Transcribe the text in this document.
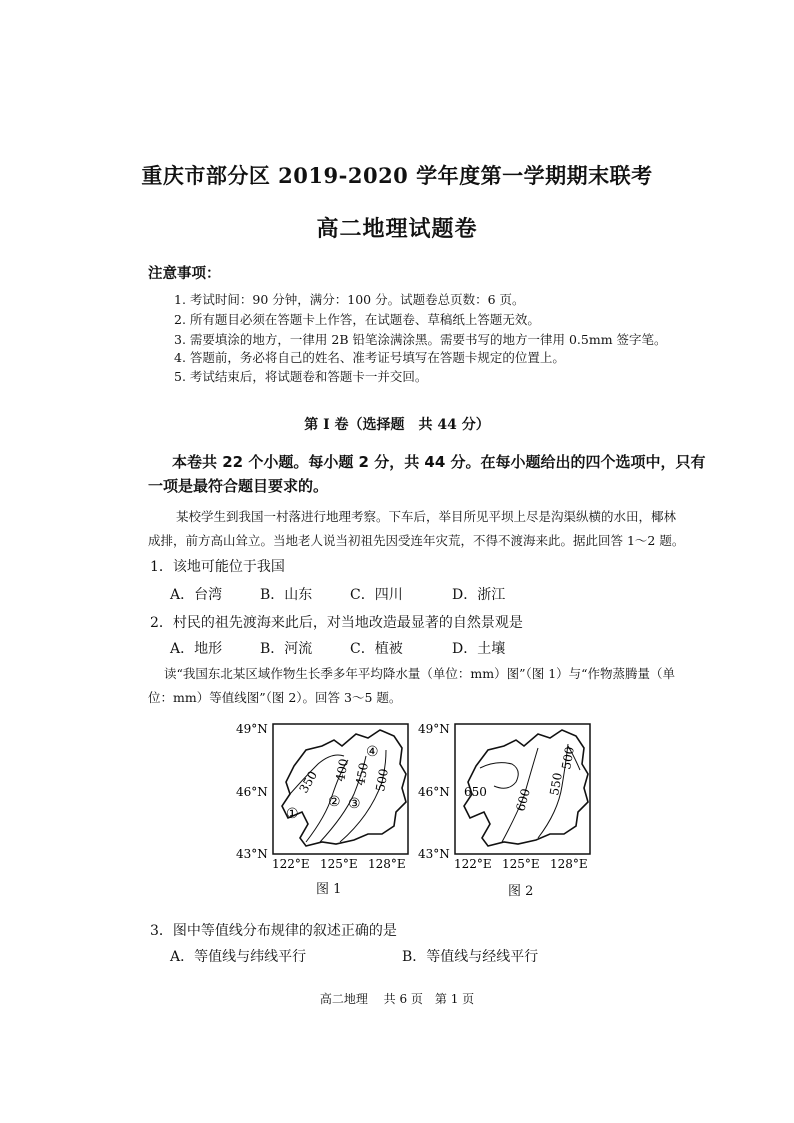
重庆市部分区 2019-2020 学年度第一学期期末联考
高二地理试题卷
注意事项：
1. 考试时间：90 分钟，满分：100 分。试题卷总页数：6 页。
2. 所有题目必须在答题卡上作答，在试题卷、草稿纸上答题无效。
3. 需要填涂的地方，一律用 2B 铅笔涂满涂黑。需要书写的地方一律用 0.5mm 签字笔。
4. 答题前，务必将自己的姓名、准考证号填写在答题卡规定的位置上。
5. 考试结束后，将试题卷和答题卡一并交回。
第 I 卷（选择题　共 44 分）
本卷共 22 个小题。每小题 2 分，共 44 分。在每小题给出的四个选项中，只有
一项是最符合题目要求的。
某校学生到我国一村落进行地理考察。下车后，举目所见平坝上尽是沟渠纵横的水田，椰林
成排，前方高山耸立。当地老人说当初祖先因受连年灾荒，不得不渡海来此。据此回答 1～2 题。
1．该地可能位于我国
A．台湾	B．山东	C．四川	D．浙江
2．村民的祖先渡海来此后，对当地改造最显著的自然景观是
A．地形	B．河流	C．植被	D．土壤
读“我国东北某区域作物生长季多年平均降水量（单位：mm）图”（图 1）与“作物蒸腾量（单
位：mm）等值线图”（图 2）。回答 3～5 题。
350 400 450 500
①
② ③
④
49°N
46°N
43°N
122°E 125°E 128°E
图 1
650 600
550
500
49°N
46°N
43°N
122°E 125°E 128°E
图 2
3．图中等值线分布规律的叙述正确的是
A．等值线与纬线平行	B．等值线与经线平行
高二地理　 共 6 页　第 1 页
